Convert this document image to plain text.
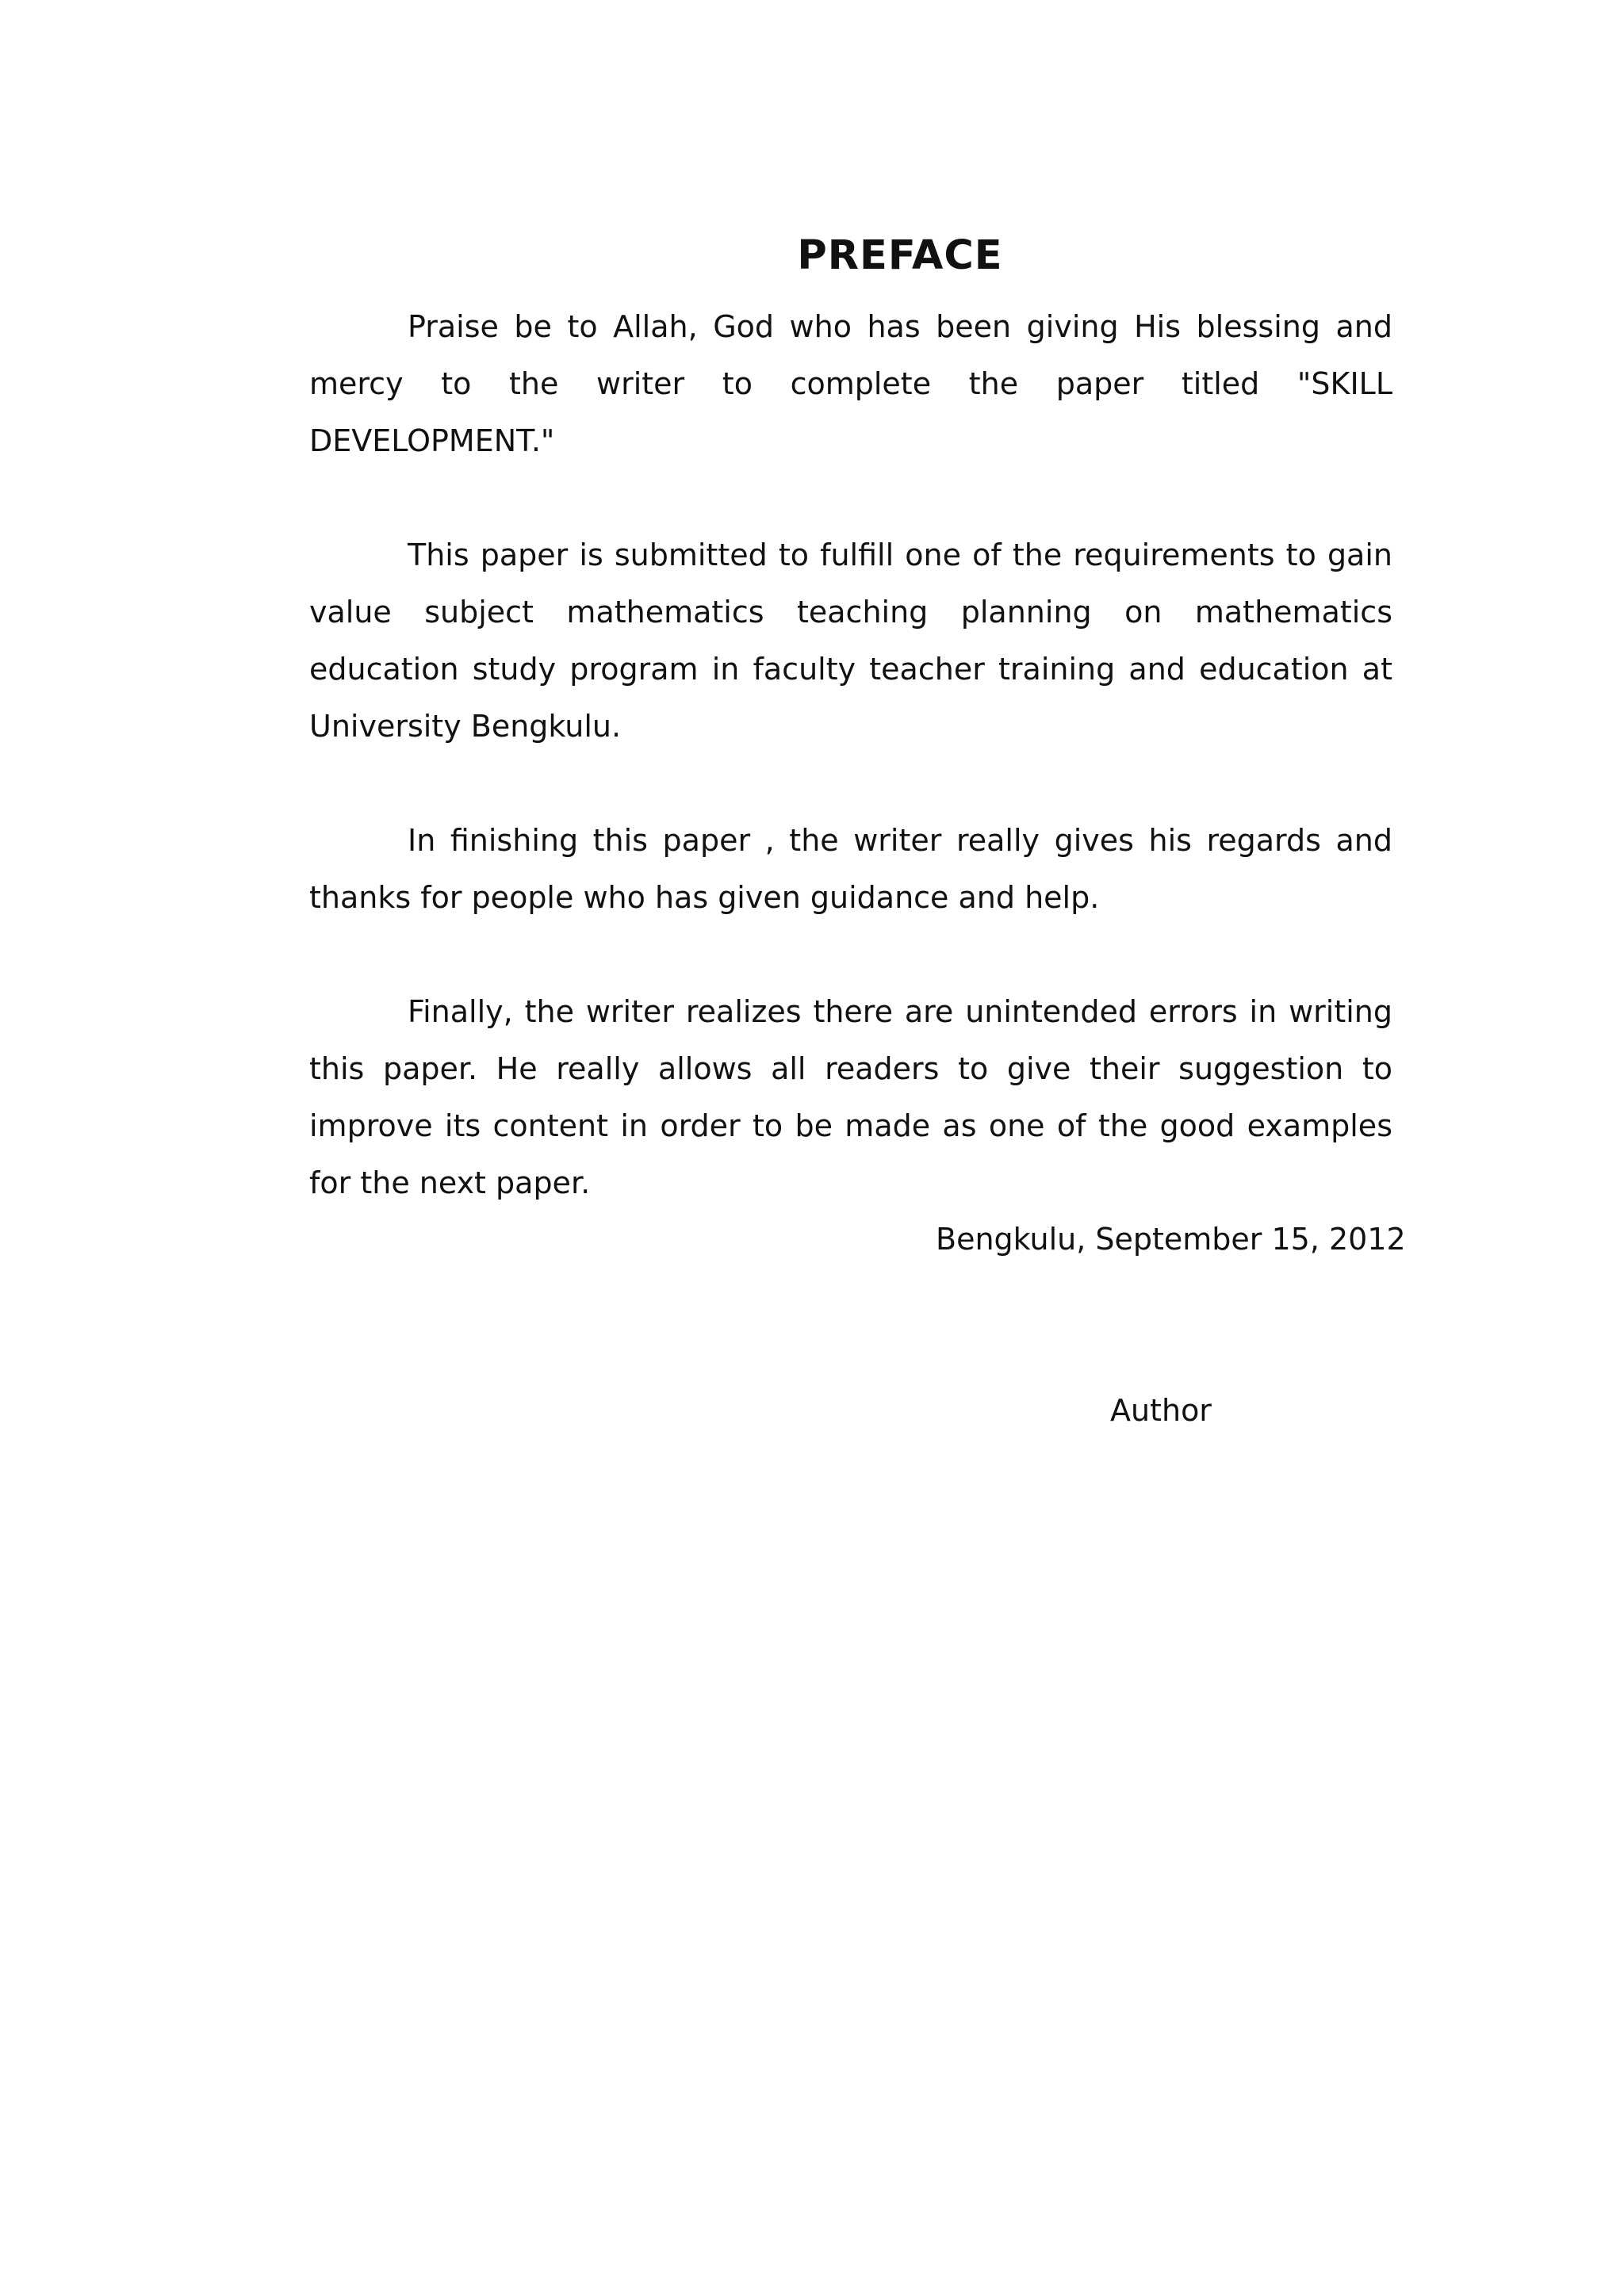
PREFACE

Praise be to Allah, God who has been giving His blessing and mercy to the writer to complete the paper titled "SKILL DEVELOPMENT."

This paper is submitted to fulfill one of the requirements to gain value subject mathematics teaching planning on mathematics education study program in faculty teacher training and education at University Bengkulu.

In finishing this paper , the writer really gives his regards and thanks for people who has given guidance and help.

Finally, the writer realizes there are unintended errors in writing this paper. He really allows all readers to give their suggestion to improve its content in order to be made as one of the good examples for the next paper.

Bengkulu, September 15, 2012

Author
